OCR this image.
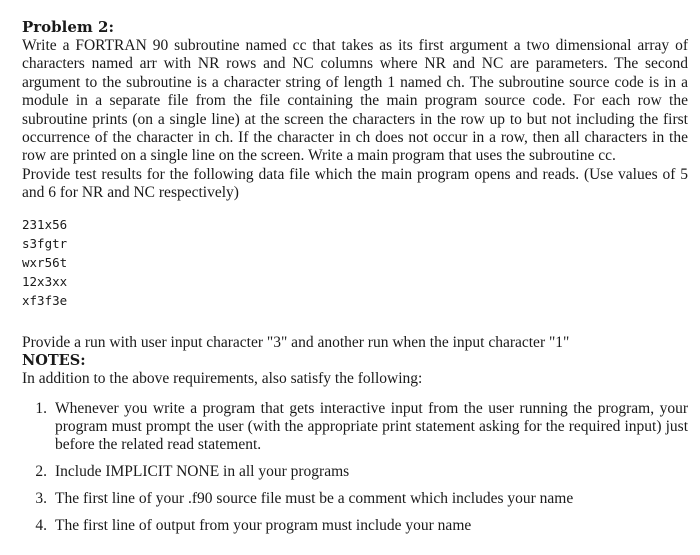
Problem 2:

Write a FORTRAN 90 subroutine named cc that takes as its first argument a two dimensional array of characters named arr with NR rows and NC columns where NR and NC are parameters. The second argument to the subroutine is a character string of length 1 named ch. The subroutine source code is in a module in a separate file from the file containing the main program source code. For each row the subroutine prints (on a single line) at the screen the characters in the row up to but not including the first occurrence of the character in ch. If the character in ch does not occur in a row, then all characters in the row are printed on a single line on the screen. Write a main program that uses the subroutine cc.

Provide test results for the following data file which the main program opens and reads. (Use values of 5 and 6 for NR and NC respectively)

231x56
s3fgtr
wxr56t
12x3xx
xf3f3e

Provide a run with user input character "3" and another run when the input character "1"

NOTES:

In addition to the above requirements, also satisfy the following:

1. Whenever you write a program that gets interactive input from the user running the program, your program must prompt the user (with the appropriate print statement asking for the required input) just before the related read statement.
2. Include IMPLICIT NONE in all your programs
3. The first line of your .f90 source file must be a comment which includes your name
4. The first line of output from your program must include your name
